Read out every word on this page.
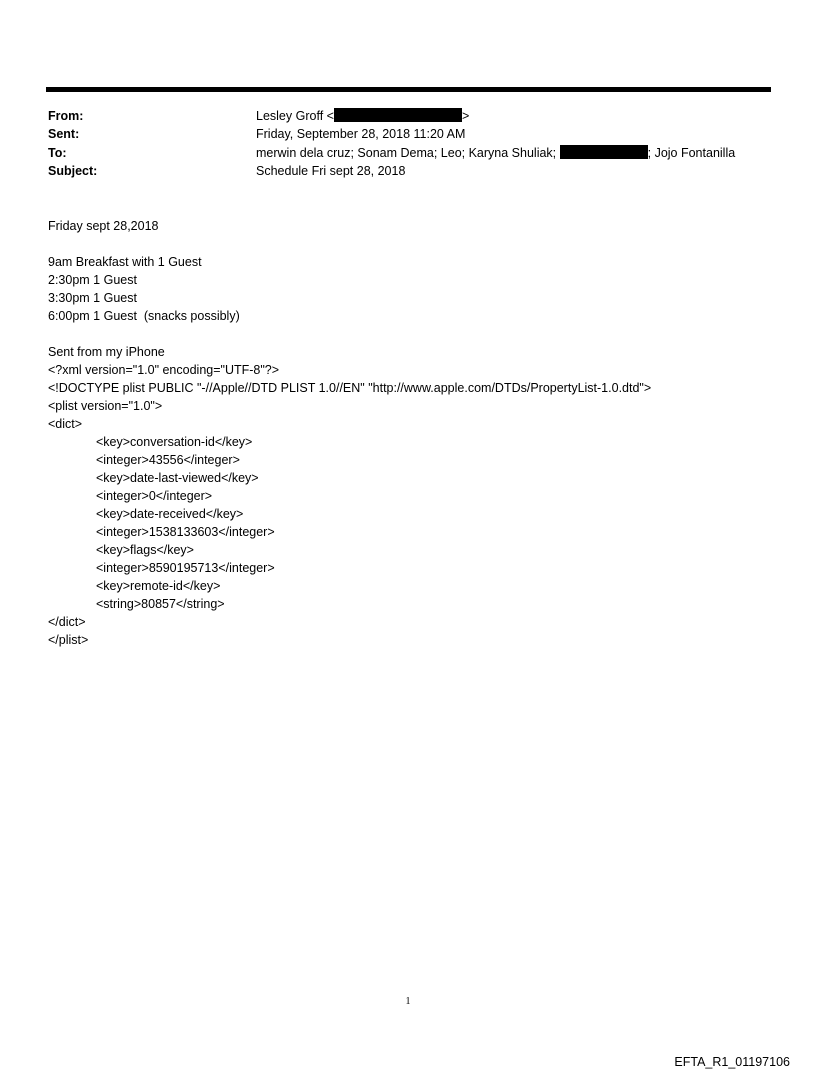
From:	Lesley Groff <	>
Sent:	Friday, September 28, 2018 11:20 AM
To:	merwin dela cruz; Sonam Dema; Leo; Karyna Shuliak;	; Jojo Fontanilla
Subject:	Schedule Fri sept 28, 2018
Friday sept 28,2018
9am Breakfast with 1 Guest
2:30pm 1 Guest
3:30pm 1 Guest
6:00pm 1 Guest  (snacks possibly)
Sent from my iPhone
<?xml version="1.0" encoding="UTF-8"?>
<!DOCTYPE plist PUBLIC "-//Apple//DTD PLIST 1.0//EN" "http://www.apple.com/DTDs/PropertyList-1.0.dtd">
<plist version="1.0">
<dict>
<key>conversation-id</key>
<integer>43556</integer>
<key>date-last-viewed</key>
<integer>0</integer>
<key>date-received</key>
<integer>1538133603</integer>
<key>flags</key>
<integer>8590195713</integer>
<key>remote-id</key>
<string>80857</string>
</dict>
</plist>
1
EFTA_R1_01197106
